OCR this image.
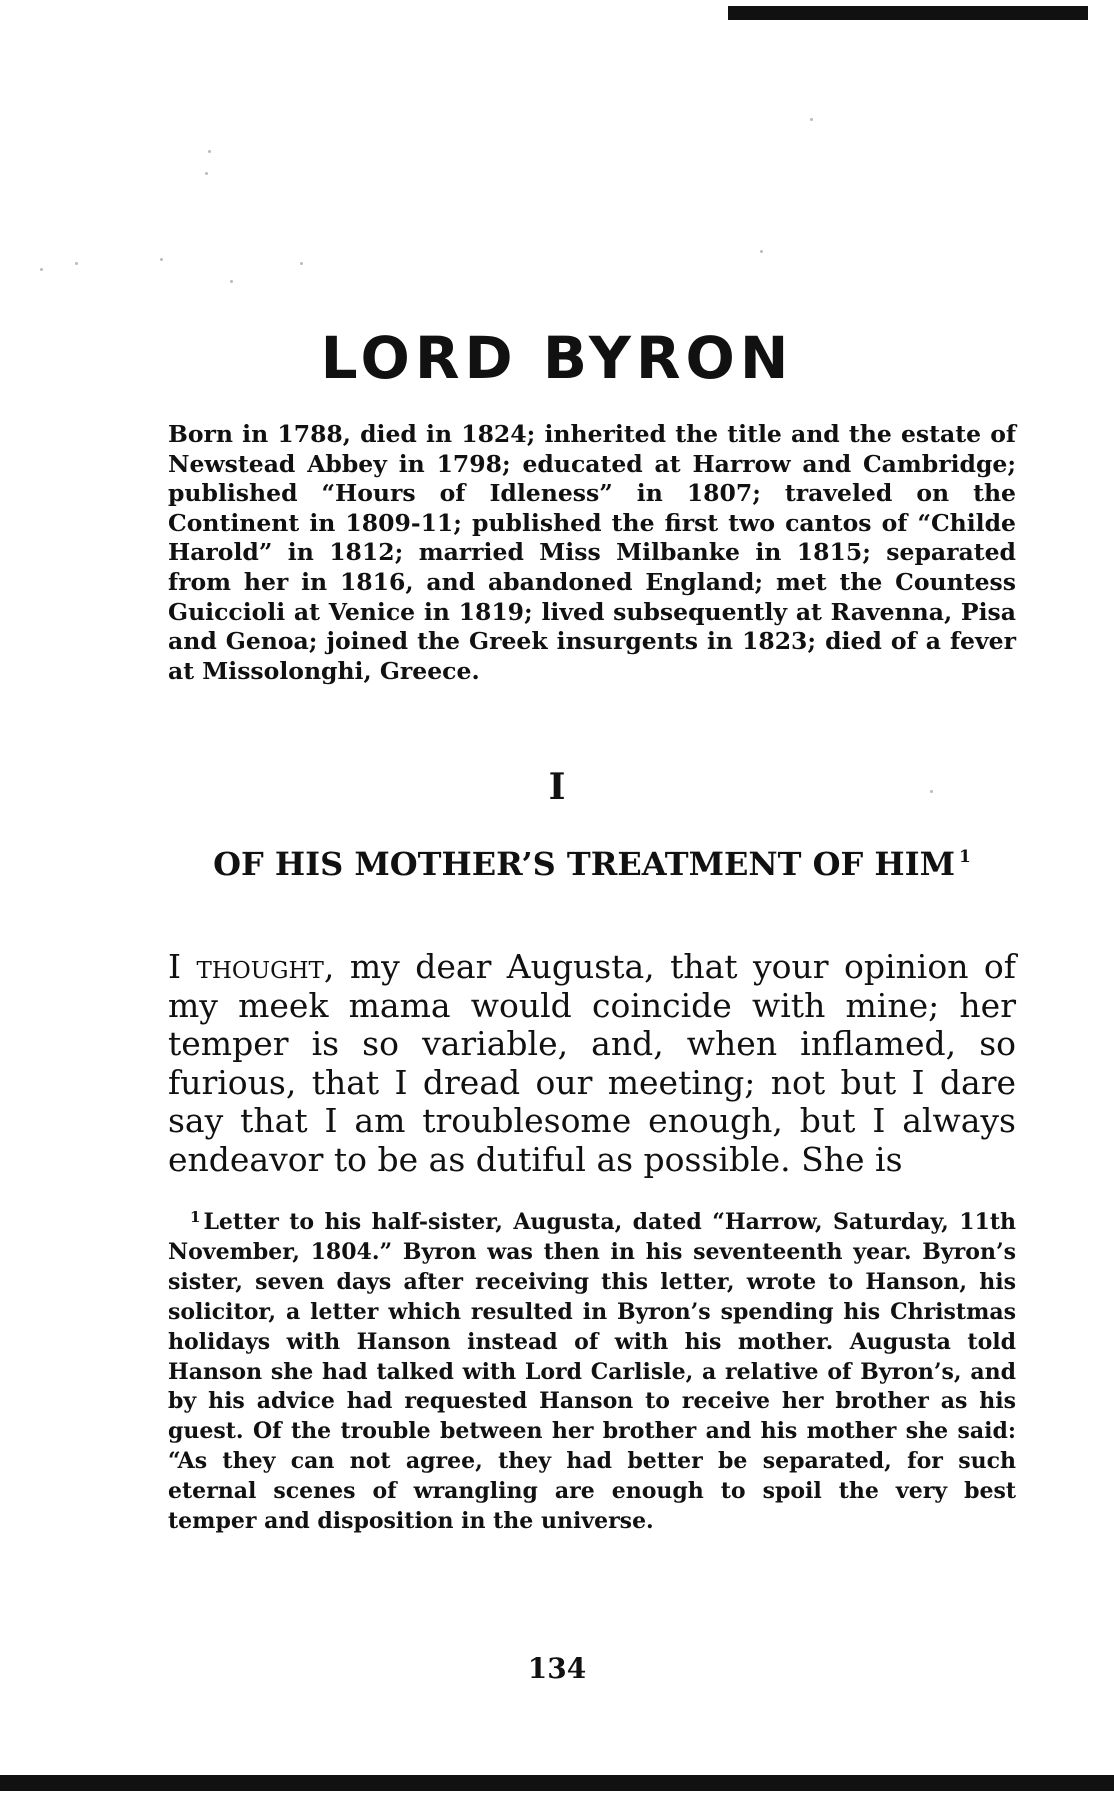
LORD BYRON

Born in 1788, died in 1824; inherited the title and the estate of Newstead Abbey in 1798; educated at Harrow and Cambridge; published “Hours of Idleness” in 1807; traveled on the Continent in 1809-11; published the first two cantos of “Childe Harold” in 1812; married Miss Milbanke in 1815; separated from her in 1816, and abandoned England; met the Countess Guiccioli at Venice in 1819; lived subsequently at Ravenna, Pisa and Genoa; joined the Greek insurgents in 1823; died of a fever at Missolonghi, Greece.

I
OF HIS MOTHER’S TREATMENT OF HIM $^1$

I thought, my dear Augusta, that your opinion of my meek mama would coincide with mine; her temper is so variable, and, when inflamed, so furious, that I dread our meeting; not but I dare say that I am troublesome enough, but I always endeavor to be as dutiful as possible. She is

$^1$ Letter to his half-sister, Augusta, dated “Harrow, Saturday, 11th November, 1804.” Byron was then in his seventeenth year. Byron’s sister, seven days after receiving this letter, wrote to Hanson, his solicitor, a letter which resulted in Byron’s spending his Christmas holidays with Hanson instead of with his mother. Augusta told Hanson she had talked with Lord Carlisle, a relative of Byron’s, and by his advice had requested Hanson to receive her brother as his guest. Of the trouble between her brother and his mother she said: “As they can not agree, they had better be separated, for such eternal scenes of wrangling are enough to spoil the very best temper and disposition in the universe.

134
